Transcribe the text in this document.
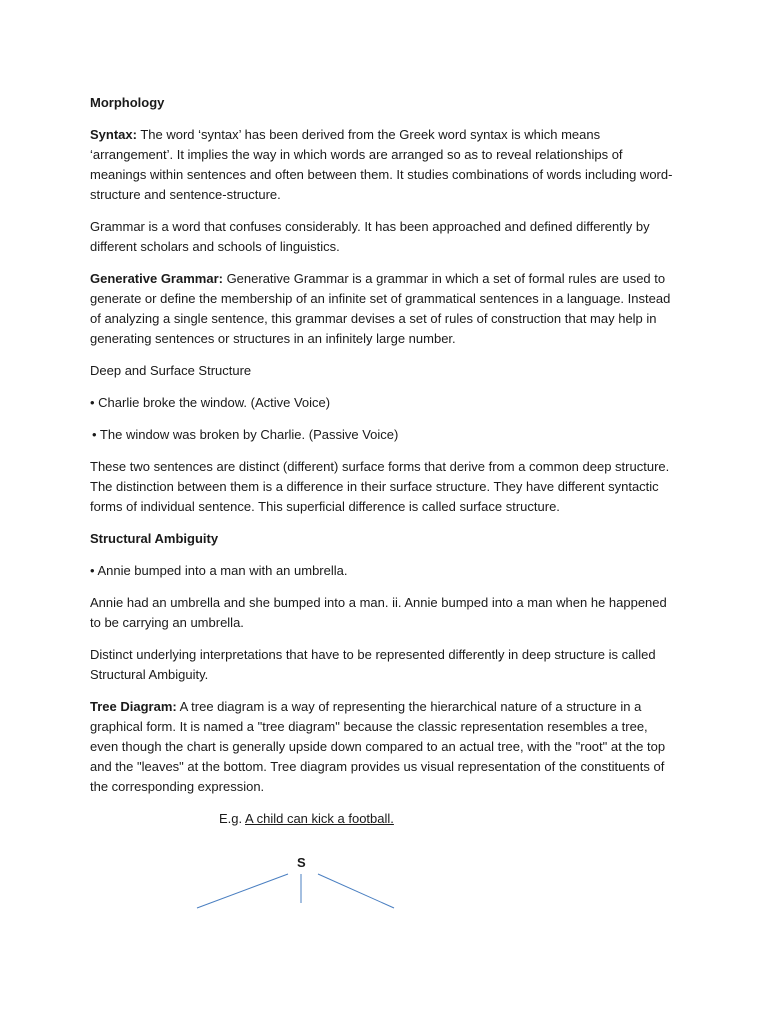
Morphology

Syntax: The word ‘syntax’ has been derived from the Greek word syntax is which means ‘arrangement’. It implies the way in which words are arranged so as to reveal relationships of meanings within sentences and often between them. It studies combinations of words including word-structure and sentence-structure.

Grammar is a word that confuses considerably. It has been approached and defined differently by different scholars and schools of linguistics.

Generative Grammar: Generative Grammar is a grammar in which a set of formal rules are used to generate or define the membership of an infinite set of grammatical sentences in a language. Instead of analyzing a single sentence, this grammar devises a set of rules of construction that may help in generating sentences or structures in an infinitely large number.

Deep and Surface Structure

• Charlie broke the window. (Active Voice)

• The window was broken by Charlie. (Passive Voice)

These two sentences are distinct (different) surface forms that derive from a common deep structure. The distinction between them is a difference in their surface structure. They have different syntactic forms of individual sentence. This superficial difference is called surface structure.

Structural Ambiguity

• Annie bumped into a man with an umbrella.

Annie had an umbrella and she bumped into a man. ii. Annie bumped into a man when he happened to be carrying an umbrella.

Distinct underlying interpretations that have to be represented differently in deep structure is called Structural Ambiguity.

Tree Diagram: A tree diagram is a way of representing the hierarchical nature of a structure in a graphical form. It is named a "tree diagram" because the classic representation resembles a tree, even though the chart is generally upside down compared to an actual tree, with the "root" at the top and the "leaves" at the bottom. Tree diagram provides us visual representation of the constituents of the corresponding expression.

E.g. A child can kick a football.

S
